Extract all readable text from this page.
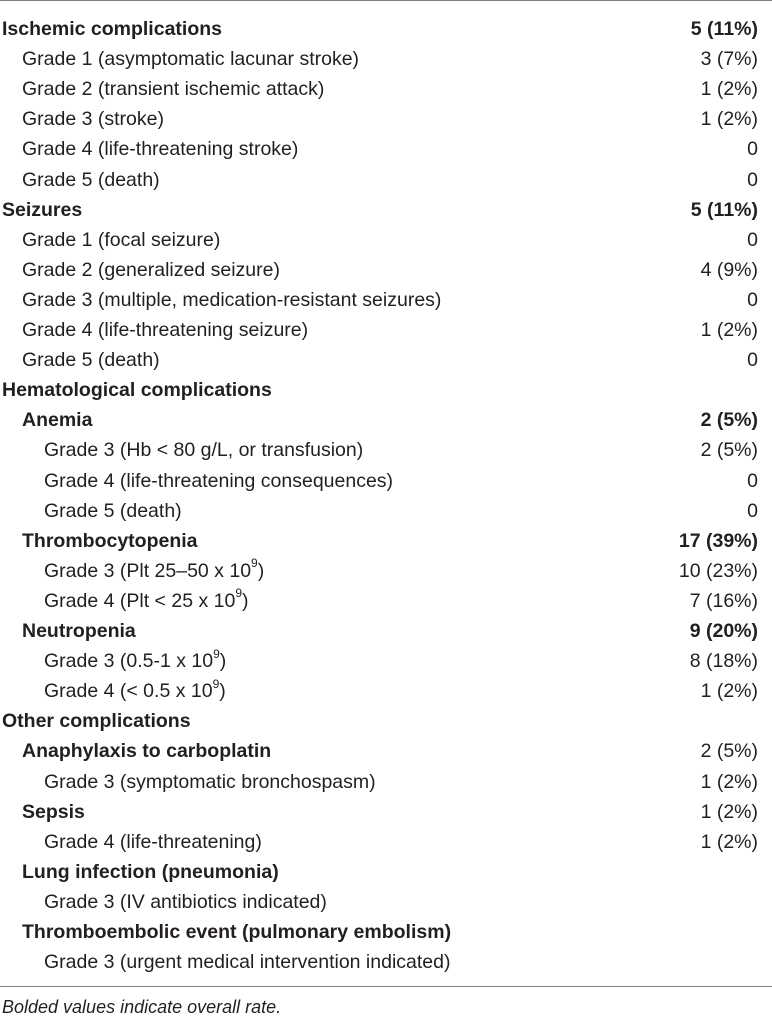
Ischemic complications	5 (11%)
Grade 1 (asymptomatic lacunar stroke)	3 (7%)
Grade 2 (transient ischemic attack)	1 (2%)
Grade 3 (stroke)	1 (2%)
Grade 4 (life-threatening stroke)	0
Grade 5 (death)	0
Seizures	5 (11%)
Grade 1 (focal seizure)	0
Grade 2 (generalized seizure)	4 (9%)
Grade 3 (multiple, medication-resistant seizures)	0
Grade 4 (life-threatening seizure)	1 (2%)
Grade 5 (death)	0
Hematological complications
Anemia	2 (5%)
Grade 3 (Hb < 80 g/L, or transfusion)	2 (5%)
Grade 4 (life-threatening consequences)	0
Grade 5 (death)	0
Thrombocytopenia	17 (39%)
Grade 3 (Plt 25–50 x $10^9$)	10 (23%)
Grade 4 (Plt < 25 x $10^9$)	7 (16%)
Neutropenia	9 (20%)
Grade 3 (0.5-1 x $10^9$)	8 (18%)
Grade 4 (< 0.5 x $10^9$)	1 (2%)
Other complications
Anaphylaxis to carboplatin	2 (5%)
Grade 3 (symptomatic bronchospasm)	1 (2%)
Sepsis	1 (2%)
Grade 4 (life-threatening)	1 (2%)
Lung infection (pneumonia)
Grade 3 (IV antibiotics indicated)
Thromboembolic event (pulmonary embolism)
Grade 3 (urgent medical intervention indicated)
Bolded values indicate overall rate.
